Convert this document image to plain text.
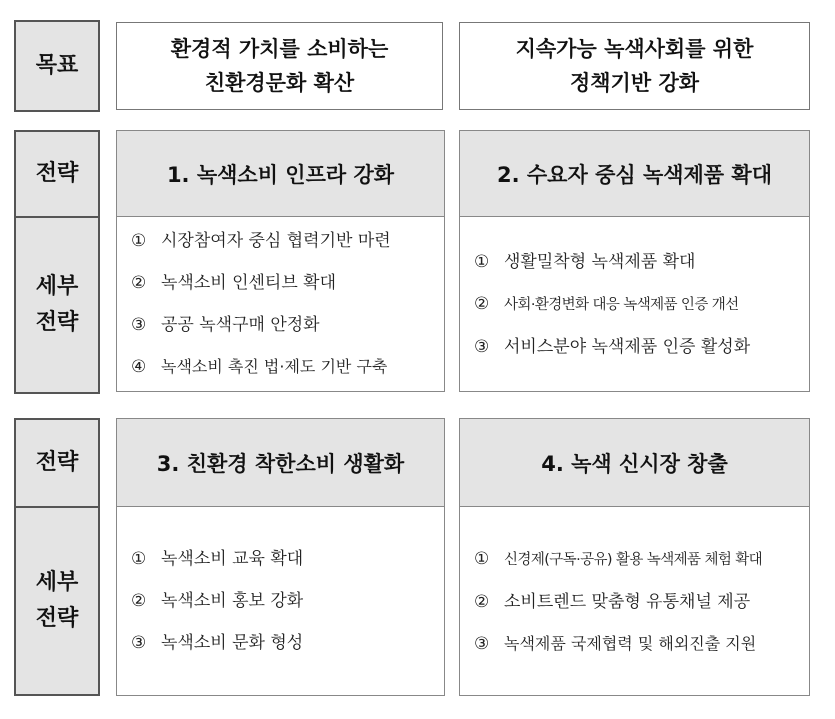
목표
환경적 가치를 소비하는
친환경문화 확산
지속가능 녹색사회를 위한
정책기반 강화
전략
세부
전략
1. 녹색소비 인프라 강화
① 시장참여자 중심 협력기반 마련
② 녹색소비 인센티브 확대
③ 공공 녹색구매 안정화
④ 녹색소비 촉진 법·제도 기반 구축
2. 수요자 중심 녹색제품 확대
① 생활밀착형 녹색제품 확대
② 사회·환경변화 대응 녹색제품 인증 개선
③ 서비스분야 녹색제품 인증 활성화
전략
세부
전략
3. 친환경 착한소비 생활화
① 녹색소비 교육 확대
② 녹색소비 홍보 강화
③ 녹색소비 문화 형성
4. 녹색 신시장 창출
① 신경제(구독·공유) 활용 녹색제품 체험 확대
② 소비트렌드 맞춤형 유통채널 제공
③ 녹색제품 국제협력 및 해외진출 지원
